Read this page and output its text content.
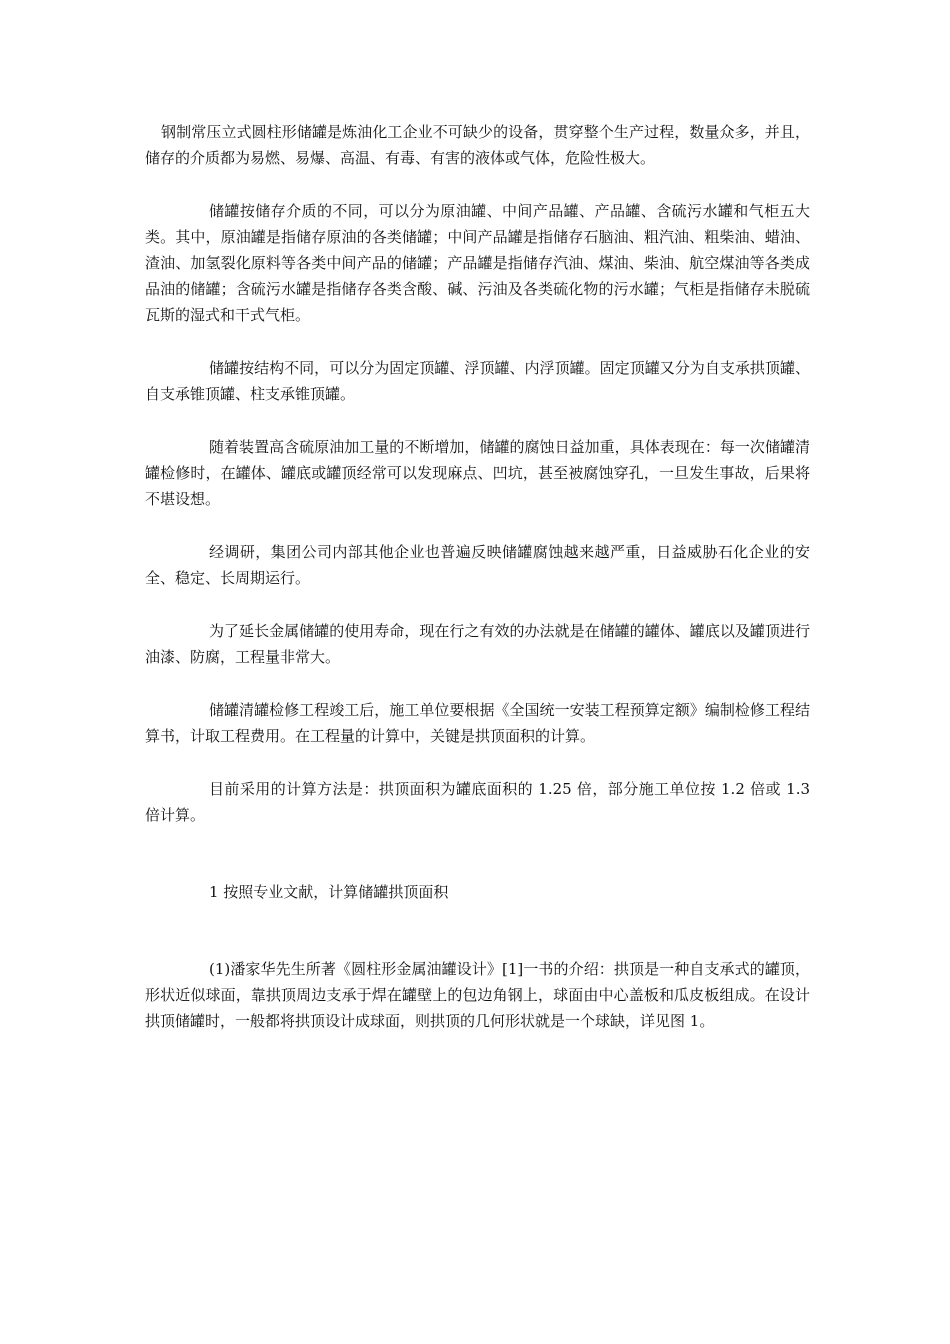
钢制常压立式圆柱形储罐是炼油化工企业不可缺少的设备，贯穿整个生产过程，数量众多，并且，储存的介质都为易燃、易爆、高温、有毒、有害的液体或气体，危险性极大。

储罐按储存介质的不同，可以分为原油罐、中间产品罐、产品罐、含硫污水罐和气柜五大类。其中，原油罐是指储存原油的各类储罐；中间产品罐是指储存石脑油、粗汽油、粗柴油、蜡油、渣油、加氢裂化原料等各类中间产品的储罐；产品罐是指储存汽油、煤油、柴油、航空煤油等各类成品油的储罐；含硫污水罐是指储存各类含酸、碱、污油及各类硫化物的污水罐；气柜是指储存未脱硫瓦斯的湿式和干式气柜。

储罐按结构不同，可以分为固定顶罐、浮顶罐、内浮顶罐。固定顶罐又分为自支承拱顶罐、自支承锥顶罐、柱支承锥顶罐。

随着装置高含硫原油加工量的不断增加，储罐的腐蚀日益加重，具体表现在：每一次储罐清罐检修时，在罐体、罐底或罐顶经常可以发现麻点、凹坑，甚至被腐蚀穿孔，一旦发生事故，后果将不堪设想。

经调研，集团公司内部其他企业也普遍反映储罐腐蚀越来越严重，日益威胁石化企业的安全、稳定、长周期运行。

为了延长金属储罐的使用寿命，现在行之有效的办法就是在储罐的罐体、罐底以及罐顶进行油漆、防腐，工程量非常大。

储罐清罐检修工程竣工后，施工单位要根据《全国统一安装工程预算定额》编制检修工程结算书，计取工程费用。在工程量的计算中，关键是拱顶面积的计算。

目前采用的计算方法是：拱顶面积为罐底面积的 1.25 倍，部分施工单位按 1.2 倍或 1.3 倍计算。

1 按照专业文献，计算储罐拱顶面积

(1)潘家华先生所著《圆柱形金属油罐设计》[1]一书的介绍：拱顶是一种自支承式的罐顶，形状近似球面，靠拱顶周边支承于焊在罐壁上的包边角钢上，球面由中心盖板和瓜皮板组成。在设计拱顶储罐时，一般都将拱顶设计成球面，则拱顶的几何形状就是一个球缺，详见图 1。
